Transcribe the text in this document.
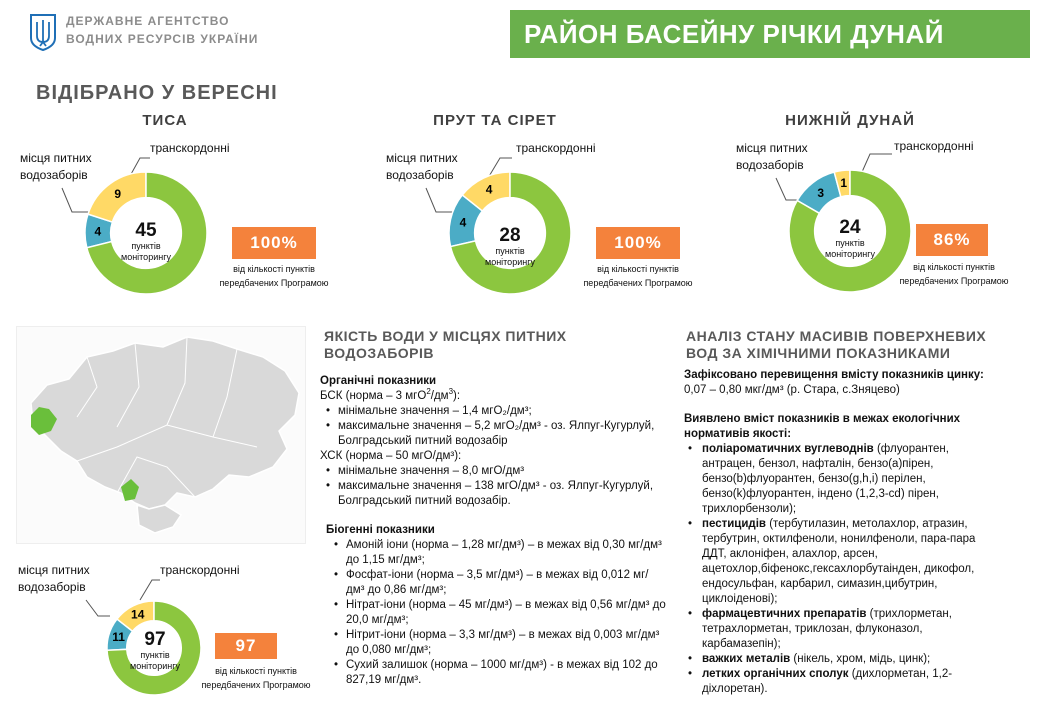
ДЕРЖАВНЕ АГЕНТСТВО
ВОДНИХ РЕСУРСІВ УКРАЇНИ	РАЙОН БАСЕЙНУ РІЧКИ ДУНАЙ
ВІДІБРАНО У ВЕРЕСНІ
ТИСА
місця питних водозаборів
транскордонні
4
9
45
пунктів моніторингу
100%
від кількості пунктів передбачених Програмою
ПРУТ ТА СІРЕТ
місця питних водозаборів
транскордонні
4
4
28
пунктів моніторингу
100%
від кількості пунктів передбачених Програмою
НИЖНІЙ ДУНАЙ
місця питних водозаборів
транскордонні
3
1
24
пунктів моніторингу
86%
від кількості пунктів передбачених Програмою
місця питних водозаборів
транскордонні
11
14
97
пунктів моніторингу
97
від кількості пунктів передбачених Програмою
ЯКІСТЬ ВОДИ У МІСЦЯХ ПИТНИХ
ВОДОЗАБОРІВ
Органічні показники
БСК (норма – 3 $мгО^2/дм^3$):
• мінімальне значення – 1,4 мгО₂/дм³;
• максимальне значення – 5,2 мгО₂/дм³ - оз. Ялпуг-Кугурлуй, Болградський питний водозабір
ХСК (норма – 50 мгО/дм³):
• мінімальне значення – 8,0 мгО/дм³
• максимальне значення – 138 мгО/дм³ - оз. Ялпуг-Кугурлуй, Болградський питний водозабір.
Біогенні показники
• Амоній іони (норма – 1,28 мг/дм³) – в межах від 0,30 мг/дм³ до 1,15 мг/дм³;
• Фосфат-іони (норма – 3,5 мг/дм³) – в межах від 0,012 мг/дм³ до 0,86 мг/дм³;
• Нітрат-іони (норма – 45 мг/дм³) – в межах від 0,56 мг/дм³ до 20,0 мг/дм³;
• Нітрит-іони (норма – 3,3 мг/дм³) – в межах від 0,003 мг/дм³ до 0,080 мг/дм³;
• Сухий залишок (норма – 1000 мг/дм³) - в межах від 102 до 827,19 мг/дм³.
АНАЛІЗ СТАНУ МАСИВІВ ПОВЕРХНЕВИХ
ВОД ЗА ХІМІЧНИМИ ПОКАЗНИКАМИ
Зафіксовано перевищення вмісту показників цинку:
0,07 – 0,80 мкг/дм³ (р. Стара, с.Зняцево)
Виявлено вміст показників в межах екологічних нормативів якості:
• поліароматичних вуглеводнів (флуорантен, антрацен, бензол, нафталін, бензо(а)пірен, бензо(b)флуорантен, бензо(g,h,i) перілен, бензо(k)флуорантен, індено (1,2,3-cd) пірен, трихлорбензоли);
• пестицидів (тербутилазин, метолахлор, атразин, тербутрин, октилфеноли, нонилфеноли, пара-пара ДДТ, аклоніфен, алахлор, арсен, ацетохлор,біфенокс,гексахлорбутаінден, дикофол, ендосульфан, карбарил, симазин,цибутрин, циклоіденові);
• фармацевтичних препаратів (трихлорметан, тетрахлорметан, триклозан, флуконазол, карбамазепін);
• важких металів (нікель, хром, мідь, цинк);
• летких органічних сполук (дихлорметан, 1,2-діхлоретан).
